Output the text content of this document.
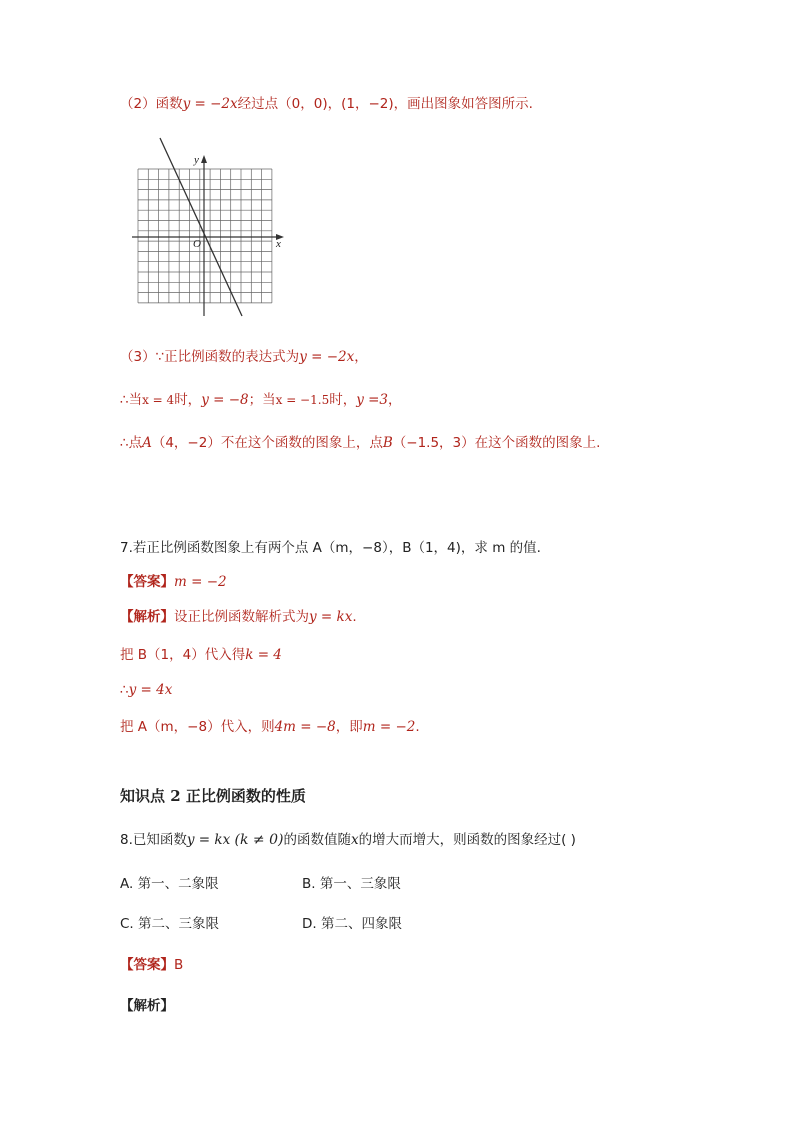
（2）函数y = −2x经过点（0，0)，(1，−2)，画出图象如答图所示.
x
y
O
（3）∵正比例函数的表达式为y = −2x，
∴当x = 4时，y = −8；当x = −1.5时，y =3，
∴点A（4，−2）不在这个函数的图象上，点B（−1.5，3）在这个函数的图象上.
7.若正比例函数图象上有两个点 A（m，−8），B（1，4)，求 m 的值.
【答案】m = −2
【解析】设正比例函数解析式为y = kx.
把 B（1，4）代入得k = 4
∴y = 4x
把 A（m，−8）代入，则4m = −8，即m = −2.
知识点 2 正比例函数的性质
8.已知函数y = kx (k ≠ 0)的函数值随x的增大而增大，则函数的图象经过( )
A. 第一、二象限	B. 第一、三象限
C. 第二、三象限	D. 第二、四象限
【答案】B
【解析】
